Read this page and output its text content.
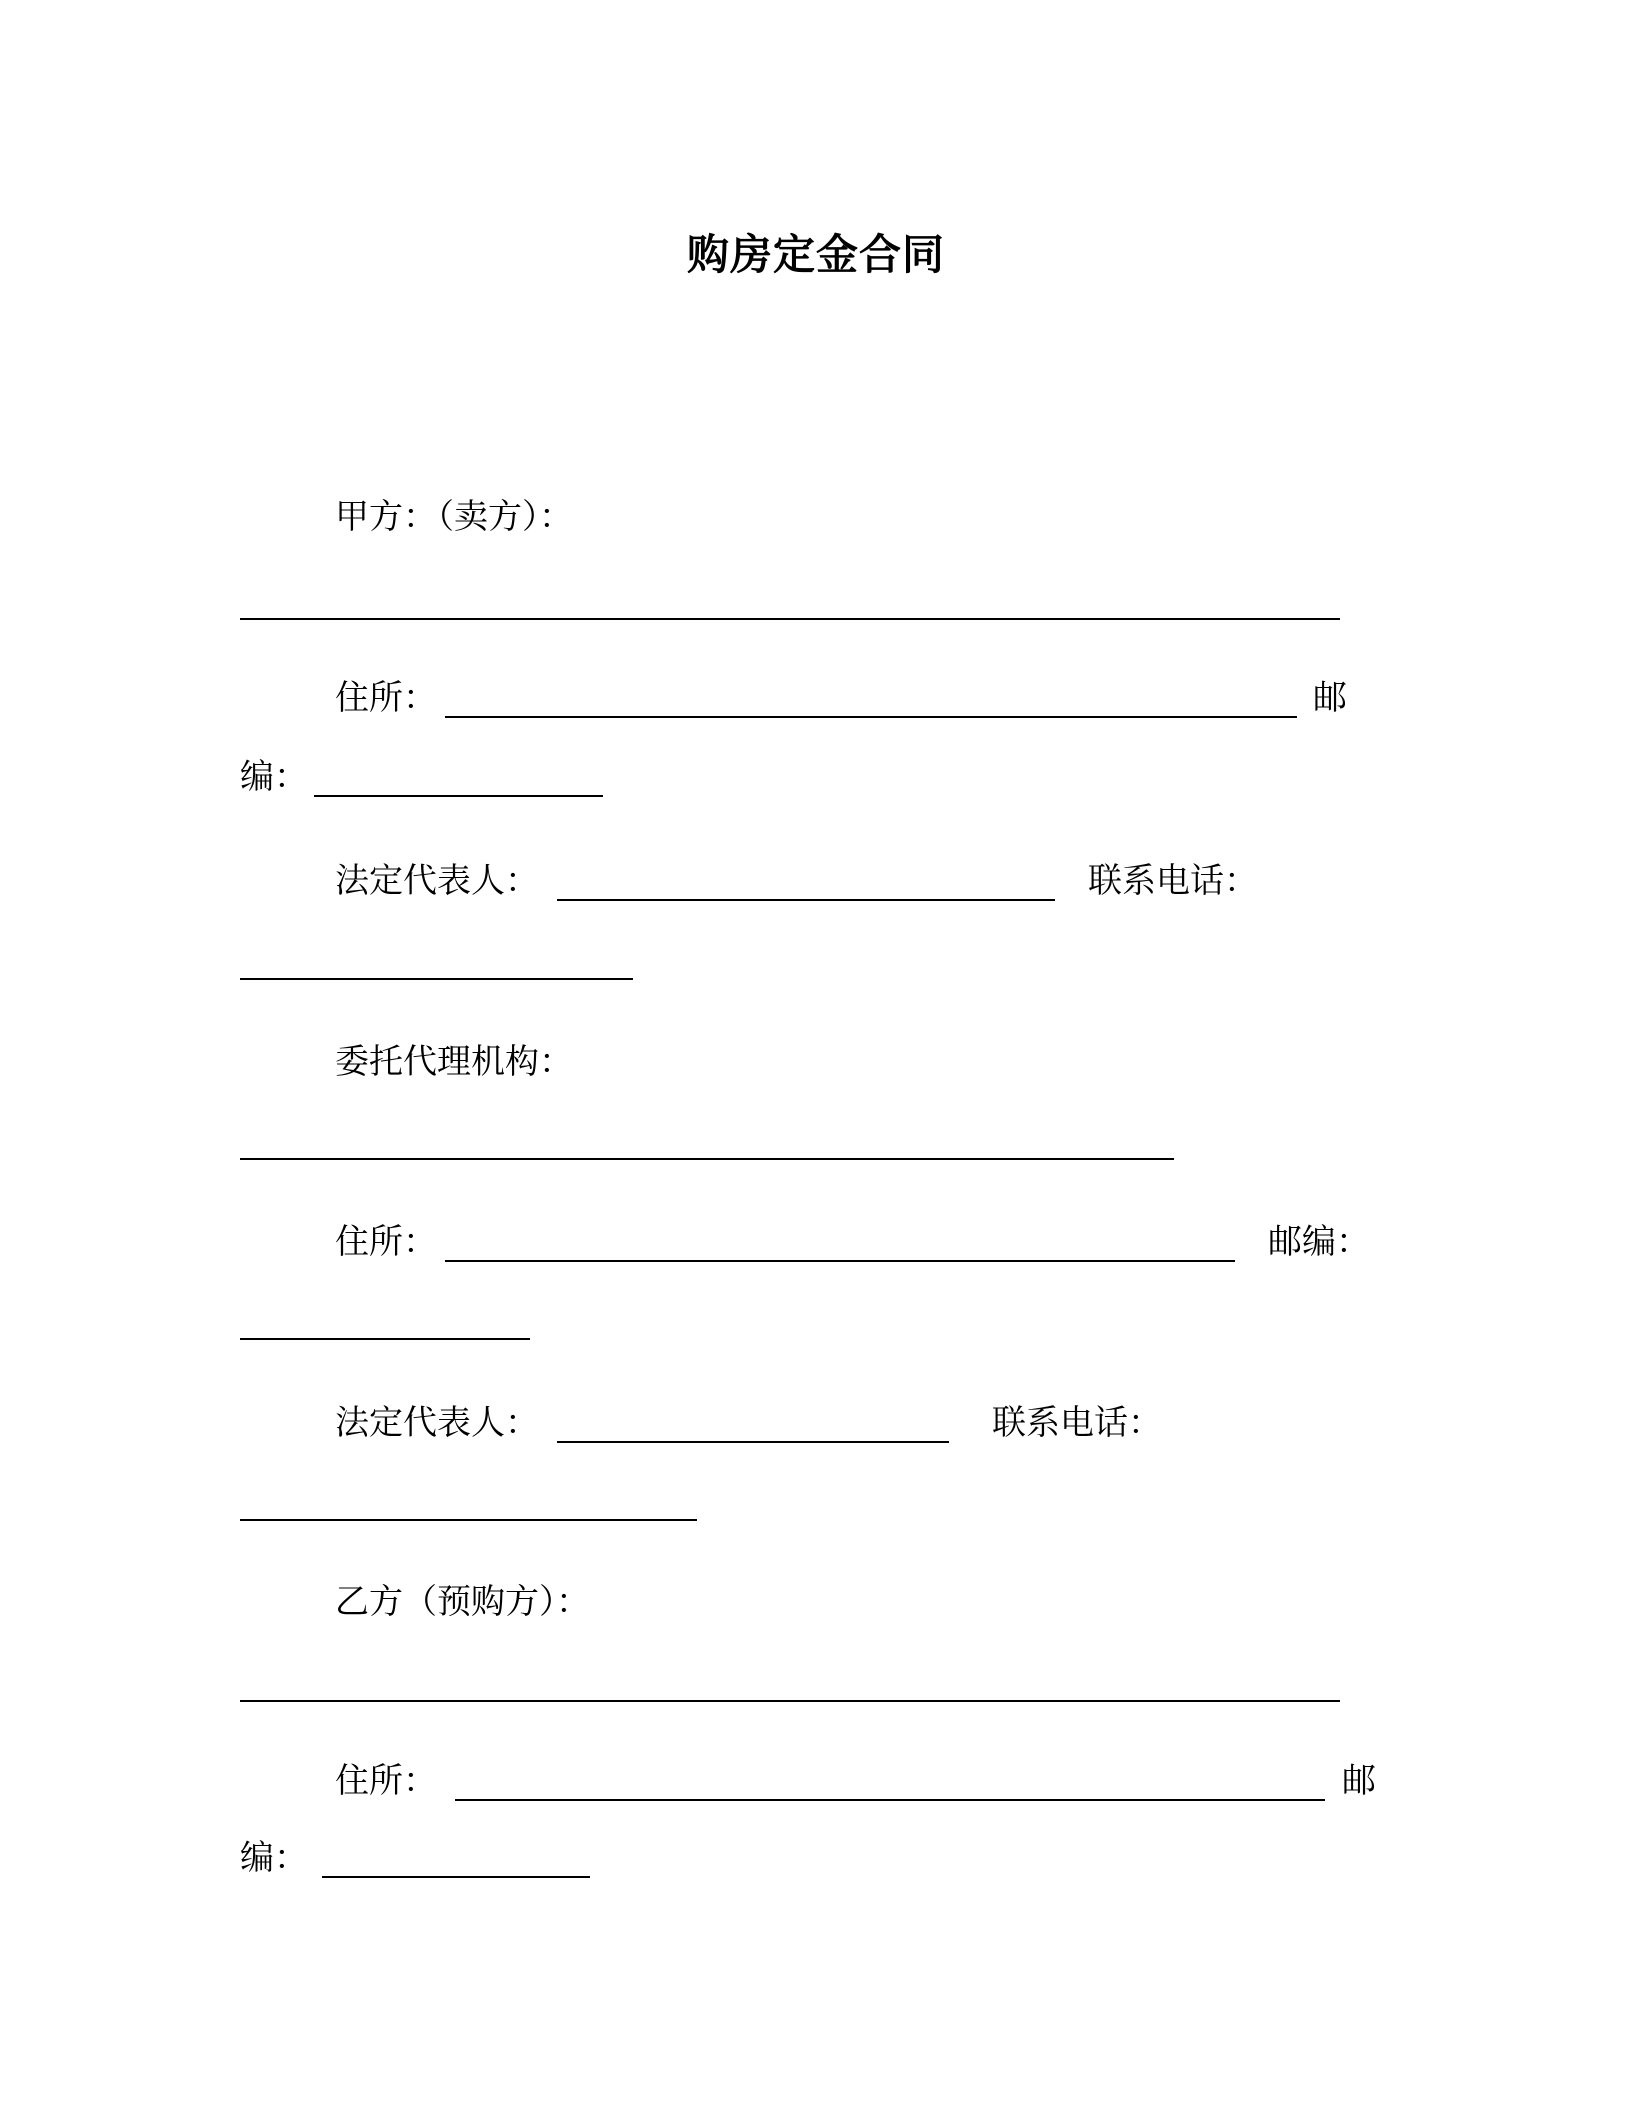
购房定金合同
甲方：（卖方）：
住所：	邮
编：
法定代表人：	联系电话：
委托代理机构：
住所：	邮编：
法定代表人：	联系电话：
乙方（预购方）：
住所：	邮
编：
